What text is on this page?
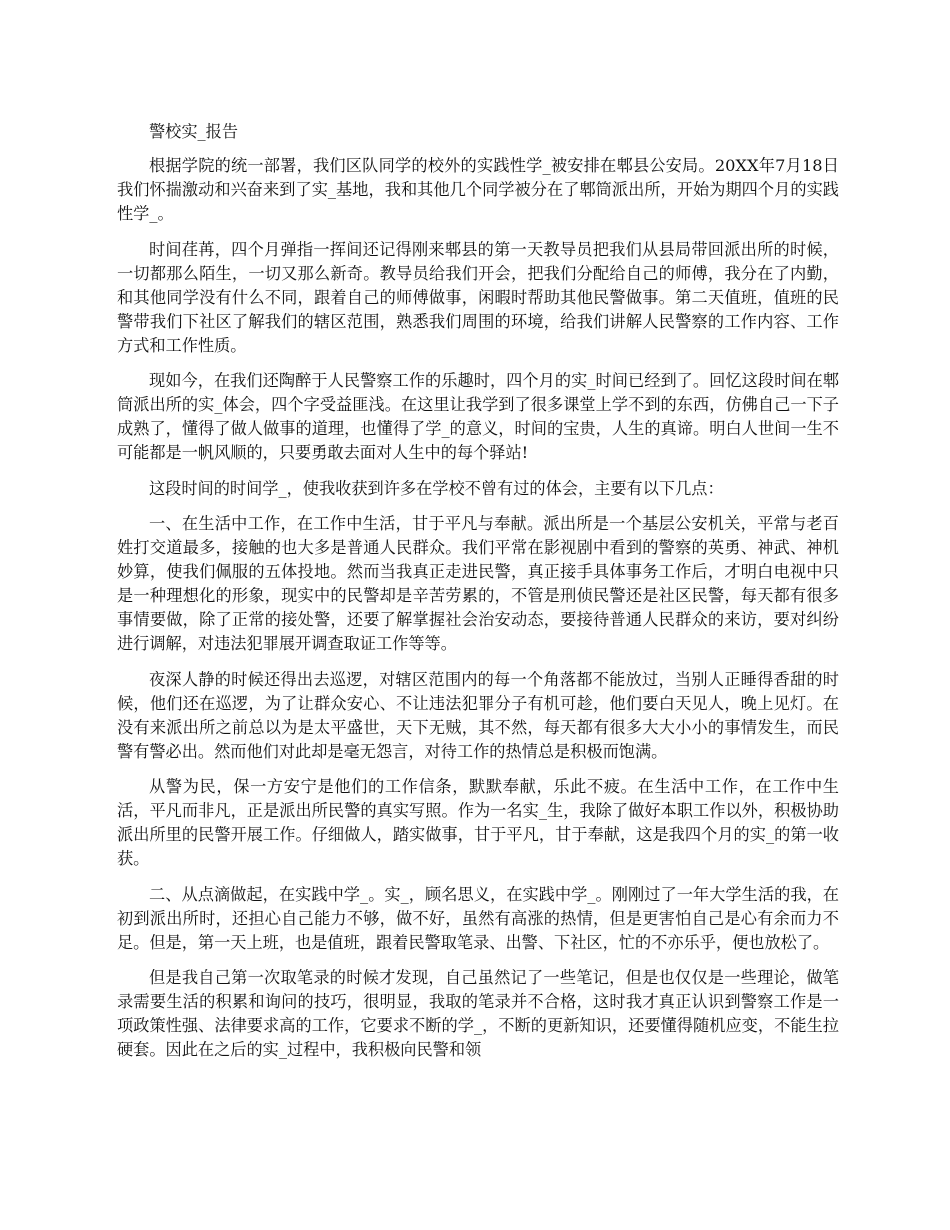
警校实_报告

根据学院的统一部署，我们区队同学的校外的实践性学_被安排在郫县公安局。20XX年7月18日我们怀揣激动和兴奋来到了实_基地，我和其他几个同学被分在了郫筒派出所，开始为期四个月的实践性学_。

时间荏苒，四个月弹指一挥间还记得刚来郫县的第一天教导员把我们从县局带回派出所的时候，一切都那么陌生，一切又那么新奇。教导员给我们开会，把我们分配给自己的师傅，我分在了内勤，和其他同学没有什么不同，跟着自己的师傅做事，闲暇时帮助其他民警做事。第二天值班，值班的民警带我们下社区了解我们的辖区范围，熟悉我们周围的环境，给我们讲解人民警察的工作内容、工作方式和工作性质。

现如今，在我们还陶醉于人民警察工作的乐趣时，四个月的实_时间已经到了。回忆这段时间在郫筒派出所的实_体会，四个字受益匪浅。在这里让我学到了很多课堂上学不到的东西，仿佛自己一下子成熟了，懂得了做人做事的道理，也懂得了学_的意义，时间的宝贵，人生的真谛。明白人世间一生不可能都是一帆风顺的，只要勇敢去面对人生中的每个驿站!

这段时间的时间学_，使我收获到许多在学校不曾有过的体会，主要有以下几点：

一、在生活中工作，在工作中生活，甘于平凡与奉献。派出所是一个基层公安机关，平常与老百姓打交道最多，接触的也大多是普通人民群众。我们平常在影视剧中看到的警察的英勇、神武、神机妙算，使我们佩服的五体投地。然而当我真正走进民警，真正接手具体事务工作后，才明白电视中只是一种理想化的形象，现实中的民警却是辛苦劳累的，不管是刑侦民警还是社区民警，每天都有很多事情要做，除了正常的接处警，还要了解掌握社会治安动态，要接待普通人民群众的来访，要对纠纷进行调解，对违法犯罪展开调查取证工作等等。

夜深人静的时候还得出去巡逻，对辖区范围内的每一个角落都不能放过，当别人正睡得香甜的时候，他们还在巡逻，为了让群众安心、不让违法犯罪分子有机可趁，他们要白天见人，晚上见灯。在没有来派出所之前总以为是太平盛世，天下无贼，其不然，每天都有很多大大小小的事情发生，而民警有警必出。然而他们对此却是毫无怨言，对待工作的热情总是积极而饱满。

从警为民，保一方安宁是他们的工作信条，默默奉献，乐此不疲。在生活中工作，在工作中生活，平凡而非凡，正是派出所民警的真实写照。作为一名实_生，我除了做好本职工作以外，积极协助派出所里的民警开展工作。仔细做人，踏实做事，甘于平凡，甘于奉献，这是我四个月的实_的第一收获。

二、从点滴做起，在实践中学_。实_，顾名思义，在实践中学_。刚刚过了一年大学生活的我，在初到派出所时，还担心自己能力不够，做不好，虽然有高涨的热情，但是更害怕自己是心有余而力不足。但是，第一天上班，也是值班，跟着民警取笔录、出警、下社区，忙的不亦乐乎，便也放松了。

但是我自己第一次取笔录的时候才发现，自己虽然记了一些笔记，但是也仅仅是一些理论，做笔录需要生活的积累和询问的技巧，很明显，我取的笔录并不合格，这时我才真正认识到警察工作是一项政策性强、法律要求高的工作，它要求不断的学_，不断的更新知识，还要懂得随机应变，不能生拉硬套。因此在之后的实_过程中，我积极向民警和领
